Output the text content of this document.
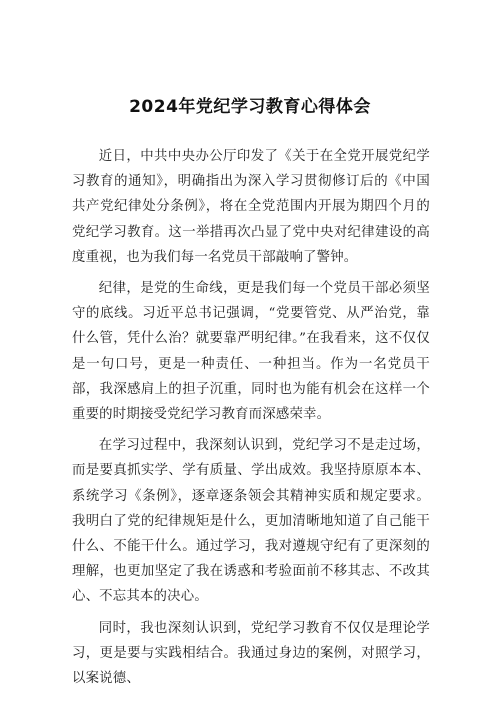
2024年党纪学习教育心得体会

近日，中共中央办公厅印发了《关于在全党开展党纪学习教育的通知》，明确指出为深入学习贯彻修订后的《中国共产党纪律处分条例》，将在全党范围内开展为期四个月的党纪学习教育。这一举措再次凸显了党中央对纪律建设的高度重视，也为我们每一名党员干部敲响了警钟。

纪律，是党的生命线，更是我们每一个党员干部必须坚守的底线。习近平总书记强调，“党要管党、从严治党，靠什么管，凭什么治？就要靠严明纪律。”在我看来，这不仅仅是一句口号，更是一种责任、一种担当。作为一名党员干部，我深感肩上的担子沉重，同时也为能有机会在这样一个重要的时期接受党纪学习教育而深感荣幸。

在学习过程中，我深刻认识到，党纪学习不是走过场，而是要真抓实学、学有质量、学出成效。我坚持原原本本、系统学习《条例》，逐章逐条领会其精神实质和规定要求。我明白了党的纪律规矩是什么，更加清晰地知道了自己能干什么、不能干什么。通过学习，我对遵规守纪有了更深刻的理解，也更加坚定了我在诱惑和考验面前不移其志、不改其心、不忘其本的决心。

同时，我也深刻认识到，党纪学习教育不仅仅是理论学习，更是要与实践相结合。我通过身边的案例，对照学习，以案说德、
